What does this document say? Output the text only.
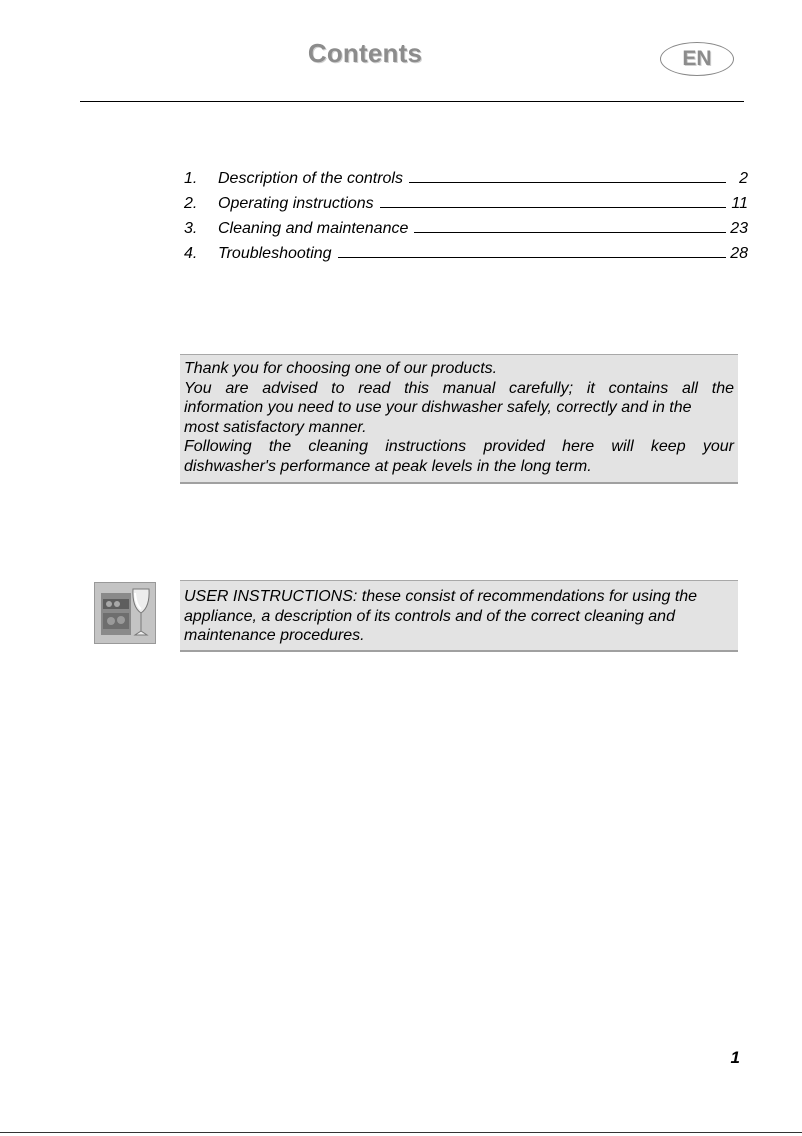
Contents	EN
1.	Description of the controls	2
2.	Operating instructions	11
3.	Cleaning and maintenance	23
4.	Troubleshooting	28

Thank you for choosing one of our products.

You are advised to read this manual carefully; it contains all the

information you need to use your dishwasher safely, correctly and in the

most satisfactory manner.

Following the cleaning instructions provided here will keep your

dishwasher's performance at peak levels in the long term.

USER INSTRUCTIONS: these consist of recommendations for using the

appliance, a description of its controls and of the correct cleaning and

maintenance procedures.

1
